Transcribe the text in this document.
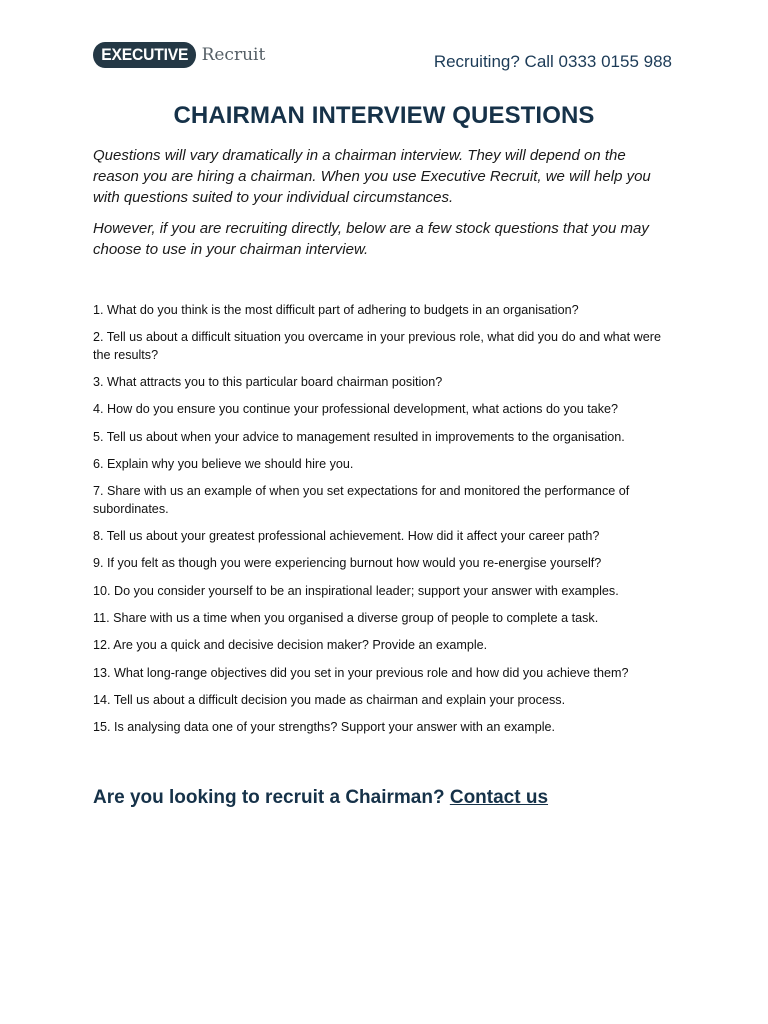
EXECUTIVE Recruit	Recruiting? Call 0333 0155 988
CHAIRMAN INTERVIEW QUESTIONS

Questions will vary dramatically in a chairman interview. They will depend on the reason you are hiring a chairman. When you use Executive Recruit, we will help you with questions suited to your individual circumstances.

However, if you are recruiting directly, below are a few stock questions that you may choose to use in your chairman interview.

1. What do you think is the most difficult part of adhering to budgets in an organisation?
2. Tell us about a difficult situation you overcame in your previous role, what did you do and what were the results?
3. What attracts you to this particular board chairman position?
4. How do you ensure you continue your professional development, what actions do you take?
5. Tell us about when your advice to management resulted in improvements to the organisation.
6. Explain why you believe we should hire you.
7. Share with us an example of when you set expectations for and monitored the performance of subordinates.
8. Tell us about your greatest professional achievement. How did it affect your career path?
9. If you felt as though you were experiencing burnout how would you re-energise yourself?
10. Do you consider yourself to be an inspirational leader; support your answer with examples.
11. Share with us a time when you organised a diverse group of people to complete a task.
12. Are you a quick and decisive decision maker? Provide an example.
13. What long-range objectives did you set in your previous role and how did you achieve them?
14. Tell us about a difficult decision you made as chairman and explain your process.
15. Is analysing data one of your strengths? Support your answer with an example.
Are you looking to recruit a Chairman? Contact us
